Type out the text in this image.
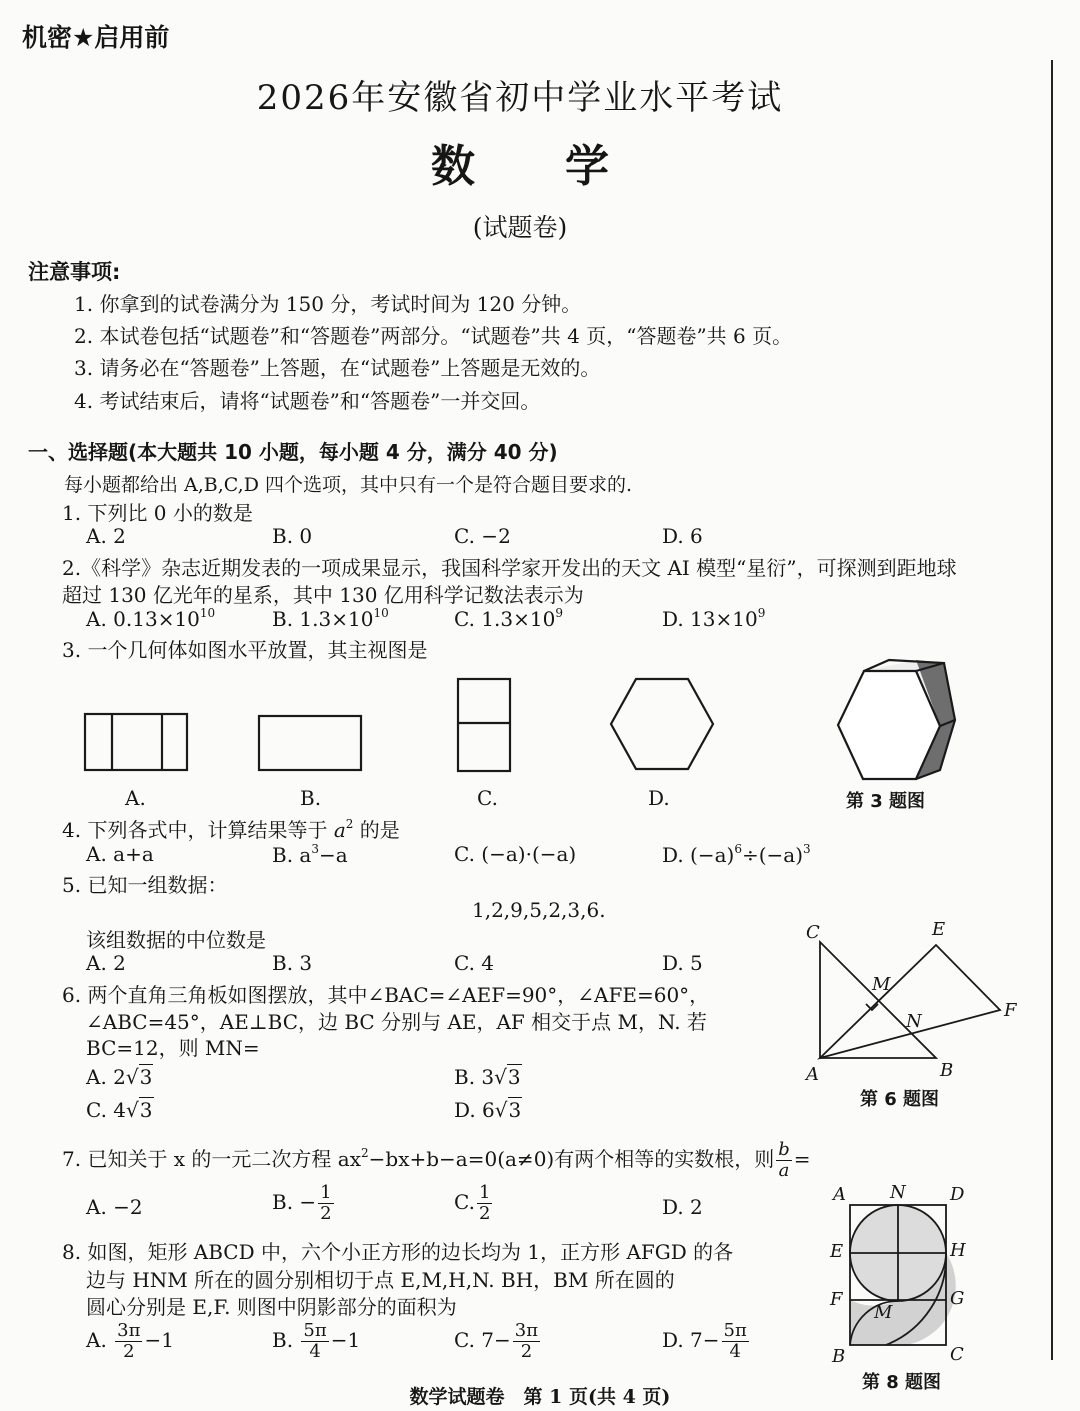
机密★启用前
2026年安徽省初中学业水平考试
数学
(试题卷)
注意事项:
1. 你拿到的试卷满分为 150 分，考试时间为 120 分钟。
2. 本试卷包括“试题卷”和“答题卷”两部分。“试题卷”共 4 页，“答题卷”共 6 页。
3. 请务必在“答题卷”上答题，在“试题卷”上答题是无效的。
4. 考试结束后，请将“试题卷”和“答题卷”一并交回。
一、选择题(本大题共 10 小题，每小题 4 分，满分 40 分)
每小题都给出 A,B,C,D 四个选项，其中只有一个是符合题目要求的.
1. 下列比 0 小的数是
A. 2	B. 0	C. −2	D. 6
2.《科学》杂志近期发表的一项成果显示，我国科学家开发出的天文 AI 模型“星衍”，可探测到距地球
超过 130 亿光年的星系，其中 130 亿用科学记数法表示为
A. $0.13\times 10^{10}$	B. $1.3\times 10^{10}$	C. $1.3\times 10^9$	D. $13\times 10^9$
3. 一个几何体如图水平放置，其主视图是
A.	B.	C.	D.	第 3 题图
4. 下列各式中，计算结果等于 $a^2$ 的是
A. a+a	B. $a^3-a$	C. (−a)·(−a)	D. $(-a)^6\div(-a)^3$
5. 已知一组数据：
1,2,9,5,2,3,6.
该组数据的中位数是
A. 2	B. 3	C. 4	D. 5
6. 两个直角三角板如图摆放，其中∠BAC=∠AEF=90°，∠AFE=60°，
∠ABC=45°，AE⊥BC，边 BC 分别与 AE，AF 相交于点 M，N. 若
BC=12，则 MN=
A. 2√3	B. 3√3
C. 4√3	D. 6√3
C	E
M
N
F
A	B
第 6 题图
7. 已知关于 x 的一元二次方程 $ax^2-bx+b-a=0(a\ne 0)$有两个相等的实数根，则 $\frac{b}{a}$ =
A. −2	B. − $\frac{1}{2}$	C. $\frac{1}{2}$	D. 2
8. 如图，矩形 ABCD 中，六个小正方形的边长均为 1，正方形 AFGD 的各
边与 HNM 所在的圆分别相切于点 E,M,H,N. BH，BM 所在圆的
圆心分别是 E,F. 则图中阴影部分的面积为
A. $\frac{3\pi}{2} -1$	B. $\frac{5\pi}{4} -1$	C. $7- \frac{3\pi}{2}$	D. $7- \frac{5\pi}{4}$
A N D
E	H
F	G
M
B	C
第 8 题图
数学试题卷　第 1 页(共 4 页)
